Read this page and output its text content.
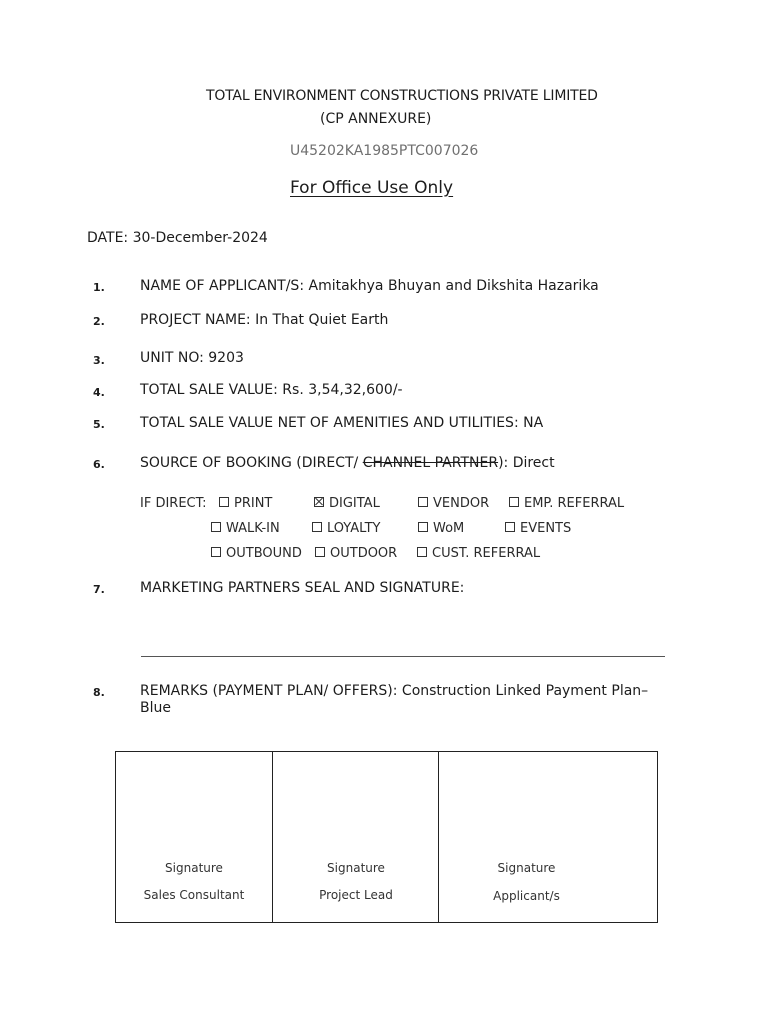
TOTAL ENVIRONMENT CONSTRUCTIONS PRIVATE LIMITED
(CP ANNEXURE)
U45202KA1985PTC007026
For Office Use Only
DATE: 30-December-2024
1.	NAME OF APPLICANT/S: Amitakhya Bhuyan and Dikshita Hazarika
2.	PROJECT NAME: In That Quiet Earth
3.	UNIT NO: 9203
4.	TOTAL SALE VALUE: Rs. 3,54,32,600/-
5.	TOTAL SALE VALUE NET OF AMENITIES AND UTILITIES: NA
6.	SOURCE OF BOOKING (DIRECT/ CHANNEL PARTNER): Direct
IF DIRECT:	PRINT	DIGITAL	VENDOR	EMP. REFERRAL
WALK-IN	LOYALTY	WoM	EVENTS
OUTBOUND	OUTDOOR	CUST. REFERRAL
7.	MARKETING PARTNERS SEAL AND SIGNATURE:
8.	REMARKS (PAYMENT PLAN/ OFFERS): Construction Linked Payment Plan– Blue
Signature
Sales Consultant
Signature
Project Lead
Signature
Applicant/s
